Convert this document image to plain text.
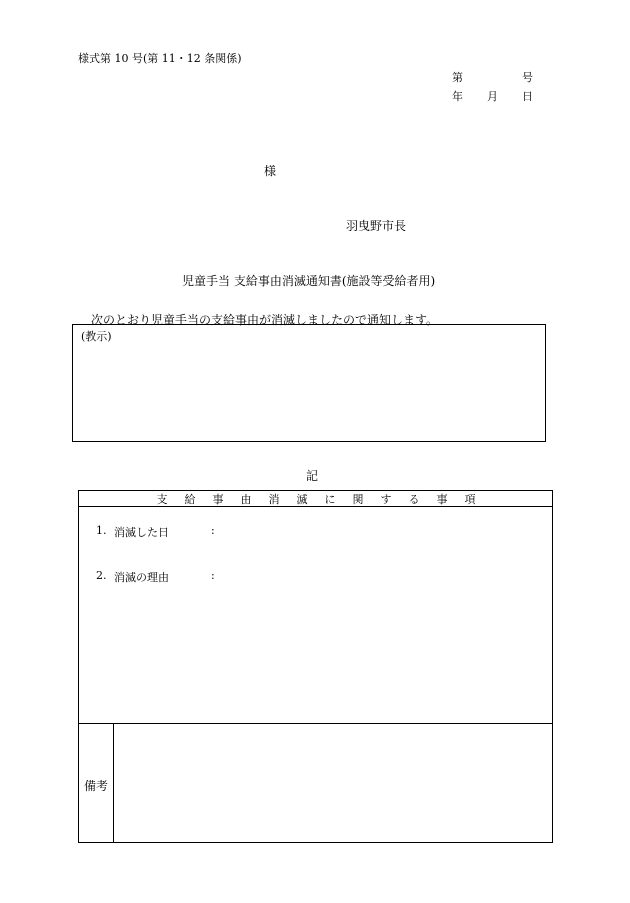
様式第 10 号(第 11・12 条関係)
第	号
年 月 日
様
羽曳野市長
児童手当 支給事由消滅通知書(施設等受給者用)
次のとおり児童手当の支給事由が消滅しましたので通知します。
(教示)
記
支給事由消滅に関する事項
1. 消滅した日	:
2. 消滅の理由	:
備考
